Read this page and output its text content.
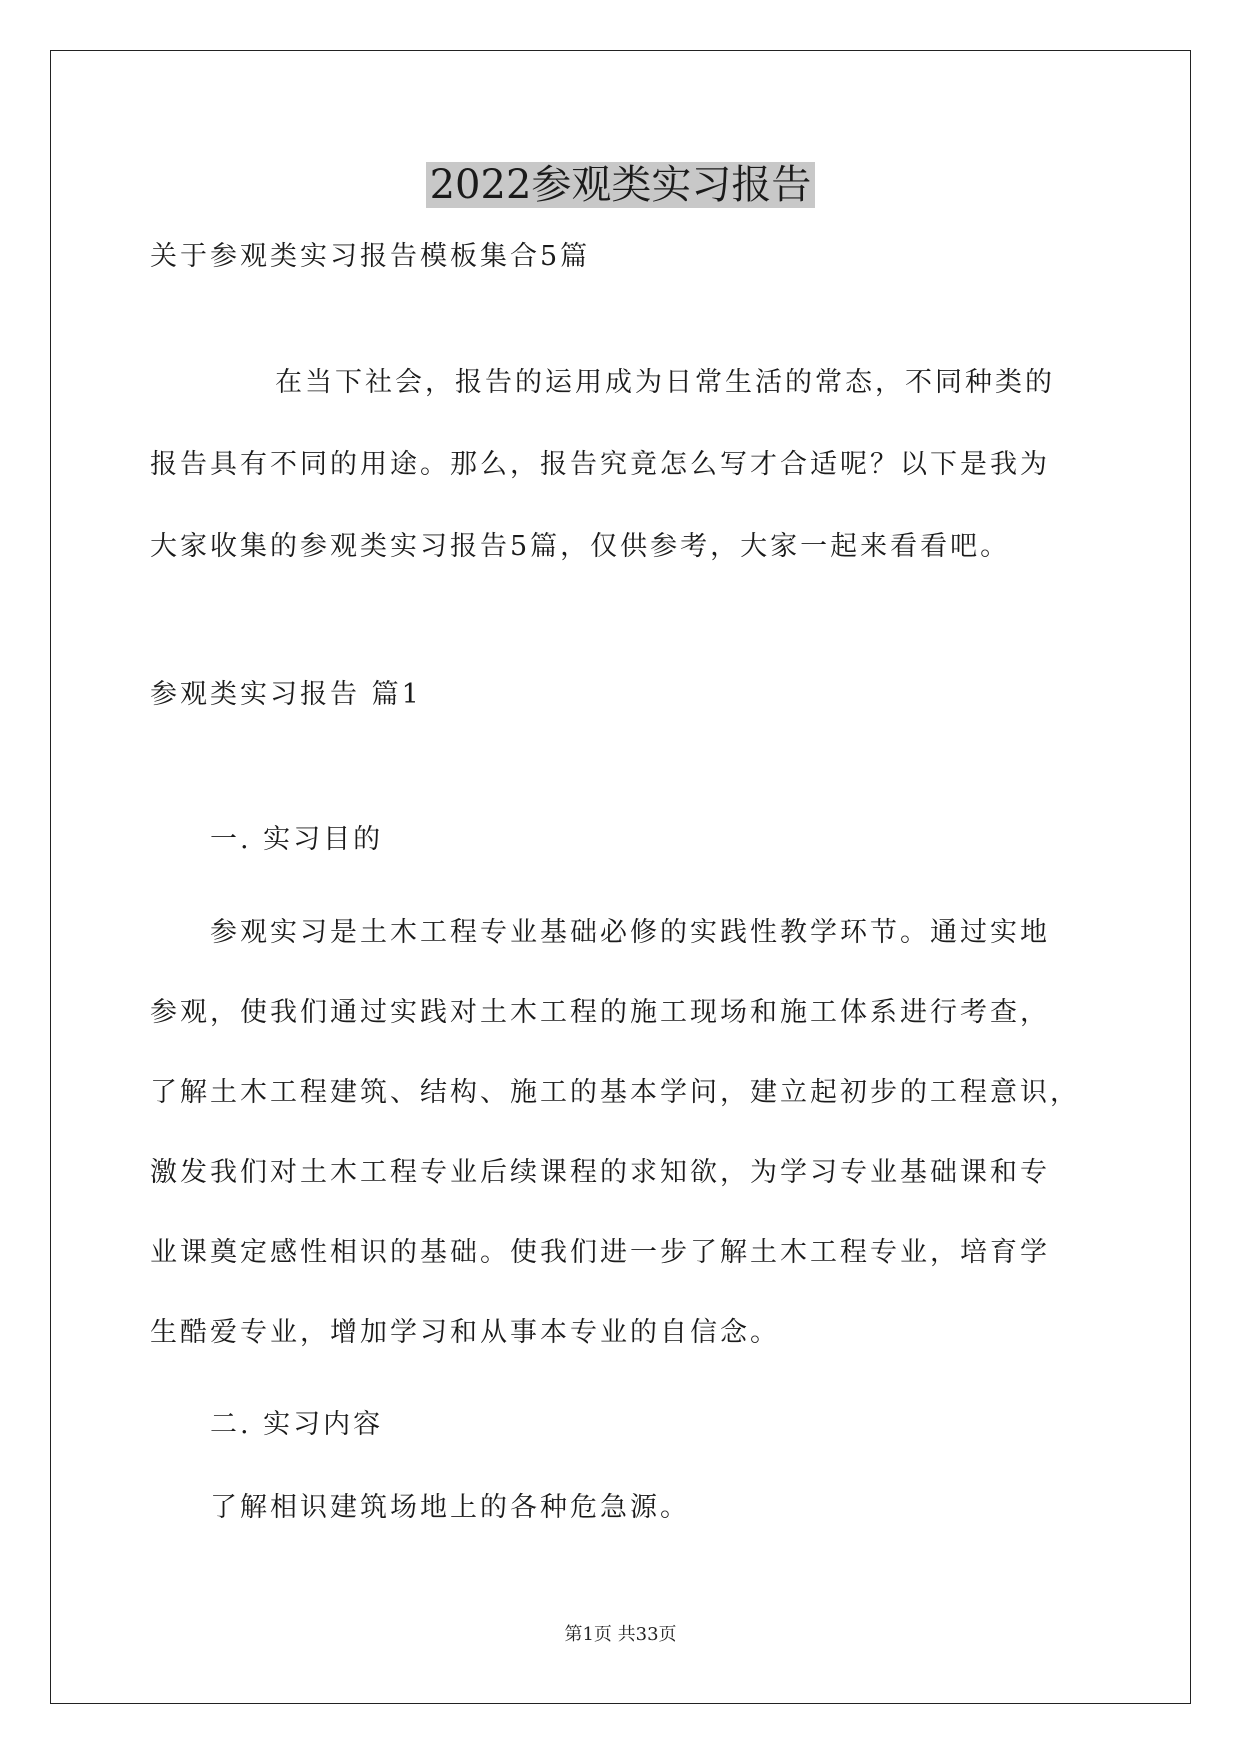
2022参观类实习报告
关于参观类实习报告模板集合5篇
在当下社会，报告的运用成为日常生活的常态，不同种类的
报告具有不同的用途。那么，报告究竟怎么写才合适呢？以下是我为
大家收集的参观类实习报告5篇，仅供参考，大家一起来看看吧。
参观类实习报告 篇1
一. 实习目的
参观实习是土木工程专业基础必修的实践性教学环节。通过实地
参观，使我们通过实践对土木工程的施工现场和施工体系进行考查，
了解土木工程建筑、结构、施工的基本学问，建立起初步的工程意识，
激发我们对土木工程专业后续课程的求知欲，为学习专业基础课和专
业课奠定感性相识的基础。使我们进一步了解土木工程专业，培育学
生酷爱专业，增加学习和从事本专业的自信念。
二. 实习内容
了解相识建筑场地上的各种危急源。
第1页 共33页
